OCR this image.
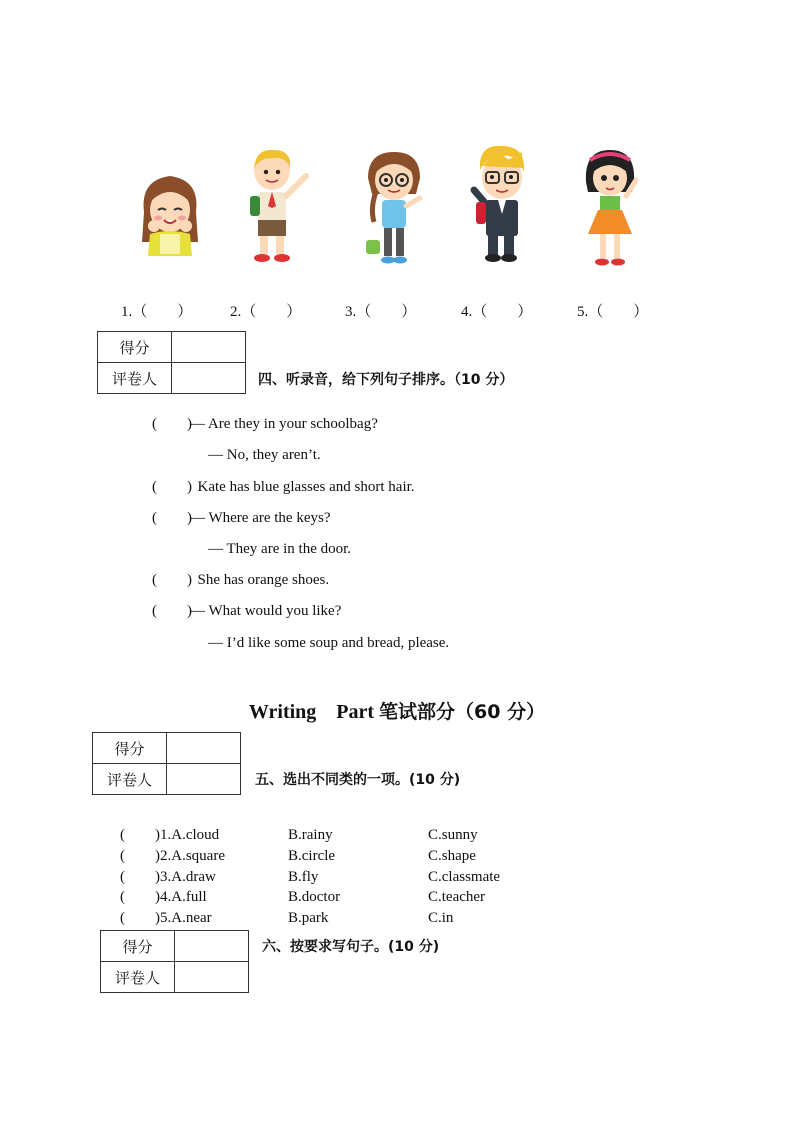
1.（        ）	2.（        ）	3.（        ）	4.（        ）	5.（        ）
得分	
评卷人		四、听录音，给下列句子排序。（10 分）
(        )
— Are they in your schoolbag?
— No, they aren’t.
(        )
Kate has blue glasses and short hair.
(        )
— Where are the keys?
— They are in the door.
(        )
She has orange shoes.
(        )
— What would you like?
— I’d like some soup and bread, please.
Writing    Part 笔试部分（60 分）
得分	
评卷人		五、选出不同类的一项。(10 分)
(        )1.A.cloud	B.rainy	C.sunny
(        )2.A.square	B.circle	C.shape
(        )3.A.draw	B.fly	C.classmate
(        )4.A.full	B.doctor	C.teacher
(        )5.A.near	B.park	C.in
得分	
评卷人	
六、按要求写句子。(10 分)
